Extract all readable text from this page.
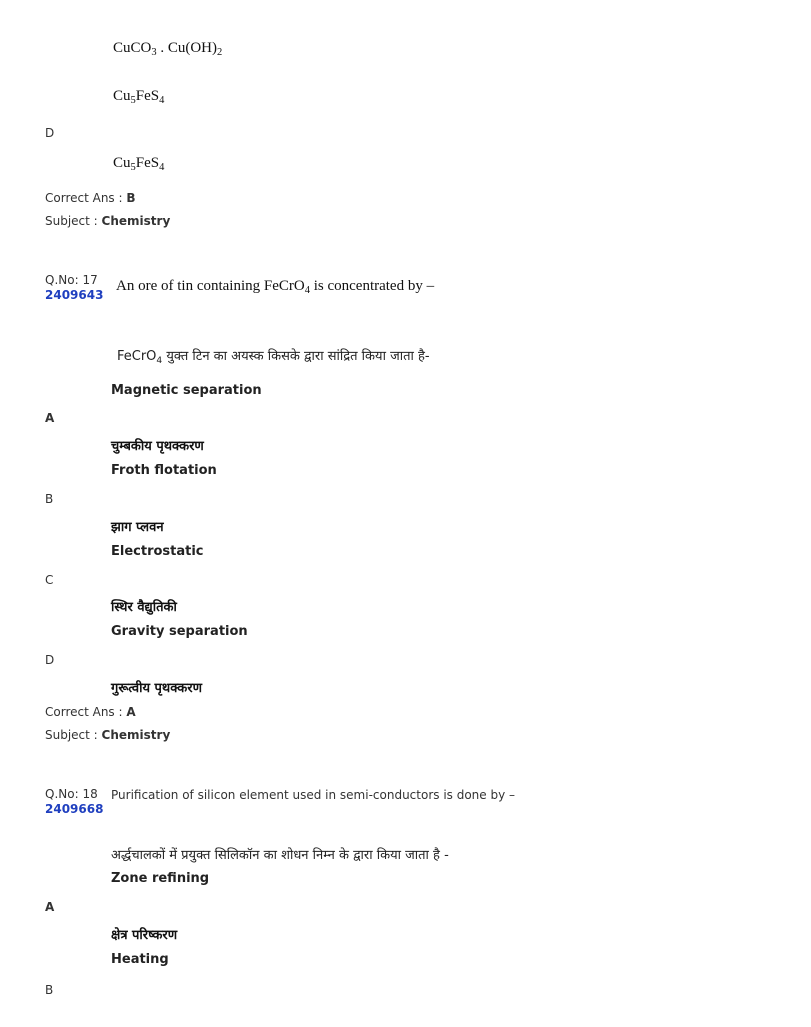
CuCO$_3$ . $Cu(OH)_2$
$Cu_5FeS_4$
D
$Cu_5FeS_4$
Correct Ans : B
Subject : Chemistry
Q.No: 17
2409643
An ore of tin containing FeCrO$_4$ is concentrated by –
FeCrO$_4$ युक्त टिन का अयस्क किसके द्वारा सांद्रित किया जाता है-
Magnetic separation
A
चुम्बकीय पृथक्करण
Froth flotation
B
झाग प्लवन
Electrostatic
C
स्थिर वैद्युतिकी
Gravity separation
D
गुरूत्वीय पृथक्करण
Correct Ans : A
Subject : Chemistry
Q.No: 18
2409668
Purification of silicon element used in semi-conductors is done by –
अर्द्धचालकों में प्रयुक्त सिलिकॉन का शोधन निम्न के द्वारा किया जाता है -
Zone refining
A
क्षेत्र परिष्करण
Heating
B
